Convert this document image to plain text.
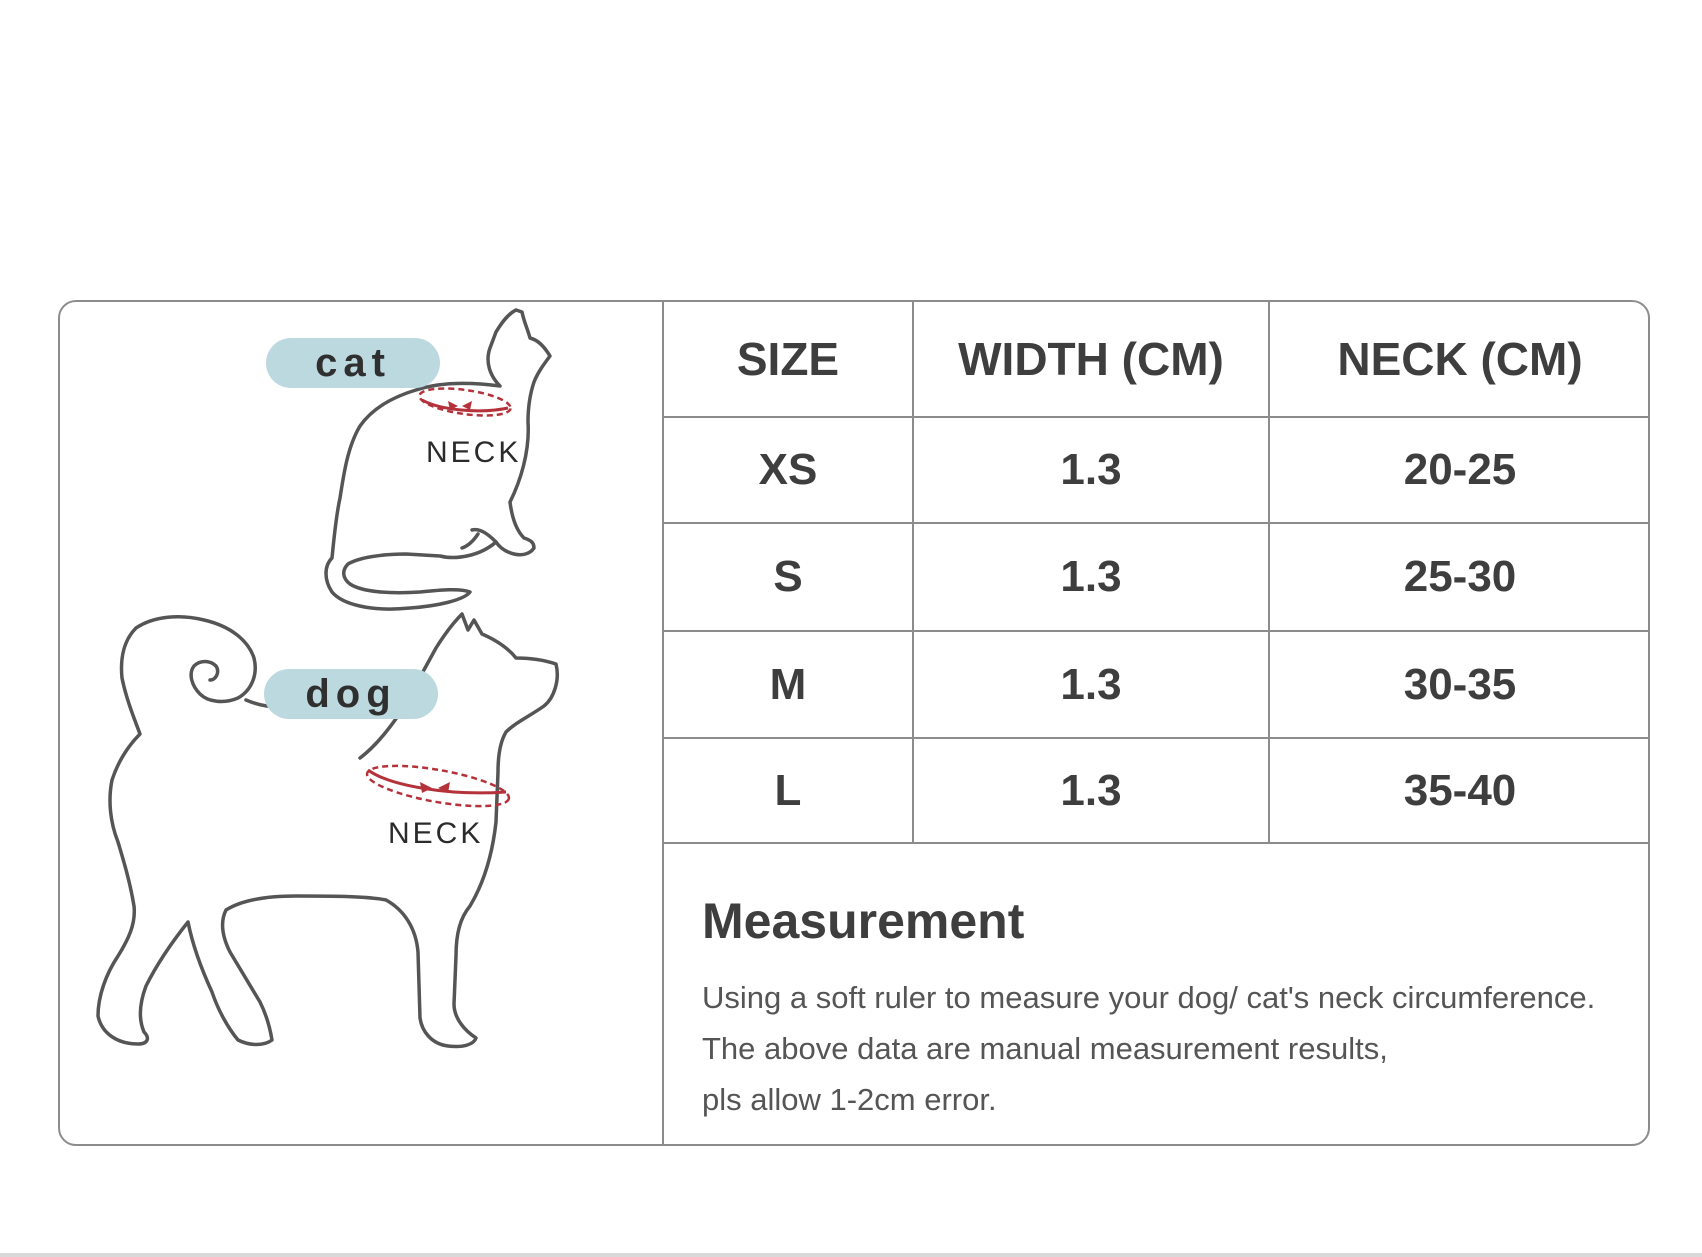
cat
NECK
dog
NECK
SIZE	WIDTH (CM)	NECK (CM)
XS	1.3	20-25
S	1.3	25-30
M	1.3	30-35
L	1.3	35-40
Measurement
Using a soft ruler to measure your dog/ cat's neck circumference.
The above data are manual measurement results,
pls allow 1-2cm error.
